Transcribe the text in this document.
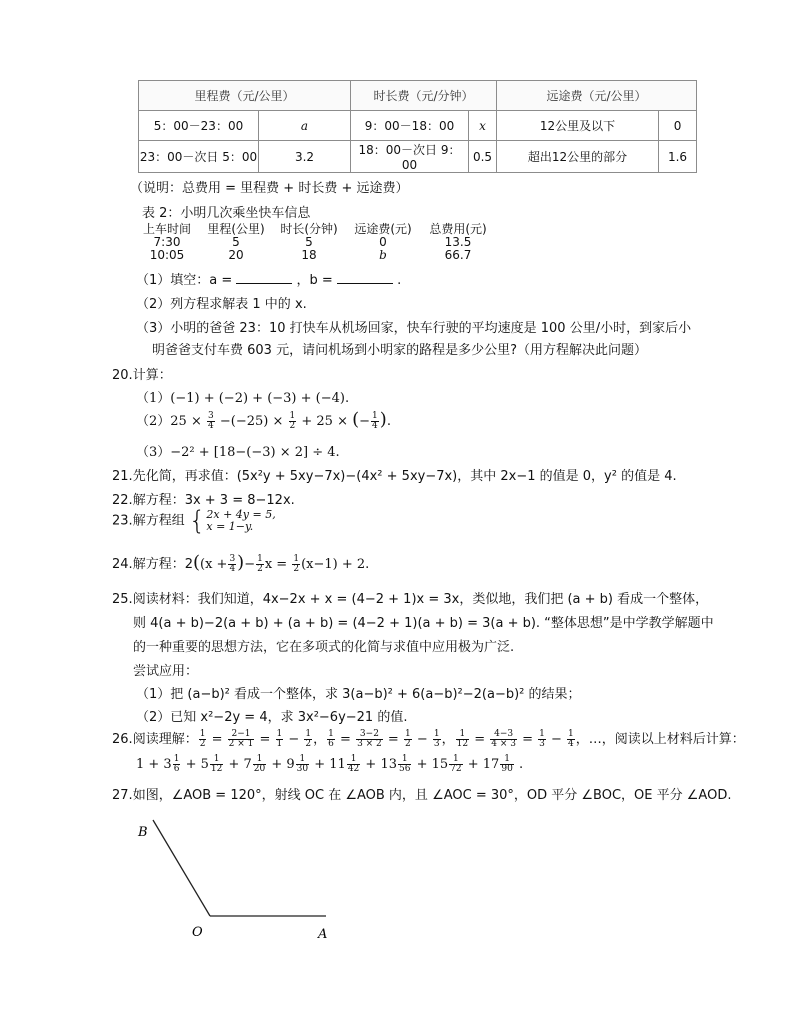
里程费（元/公里）		时长费（元/分钟）		远途费（元/公里）	
5：00－23：00	a	9：00－18：00	x	12公里及以下	0
23：00－次日 5：00	3.2	18：00－次日 9：00	0.5	超出12公里的部分	1.6
（说明：总费用 = 里程费 + 时长费 + 远途费）
表 2：小明几次乘坐快车信息
上车时间	里程(公里)	时长(分钟)	远途费(元)	总费用(元)
7:30	5	5	0	13.5
10:05	20	18	b	66.7
（1）填空：a =	，b =	.
（2）列方程求解表 1 中的 x.
（3）小明的爸爸 23：10 打快车从机场回家，快车行驶的平均速度是 100 公里/小时，到家后小
明爸爸支付车费 603 元，请问机场到小明家的路程是多少公里?（用方程解决此问题）
20.计算：
（1）(−1) + (−2) + (−3) + (−4).
$(2)25 \times \frac{3}{4} -(-25) \times \frac{1}{2} + 25$ × (− $\frac{1}{4}$ ).
（3）−2² + [18−(−3) × 2] ÷ 4.
21.先化简，再求值：(5x²y + 5xy−7x)−(4x² + 5xy−7x)，其中 2x−1 的值是 0，y² 的值是 4.
22.解方程：3x + 3 = 8−12x.
23.解方程组 { 2x + 4y = 5,
x = 1−y.
24.解方程：$2((x + \frac{3}{4}$ )− $\frac{1}{2}$ $x = \frac{1}{2} (x-1) + 2$.
25.阅读材料：我们知道，4x−2x + x = (4−2 + 1)x = 3x，类似地，我们把 (a + b) 看成一个整体，
则 4(a + b)−2(a + b) + (a + b) = (4−2 + 1)(a + b) = 3(a + b). “整体思想”是中学教学解题中
的一种重要的思想方法，它在多项式的化简与求值中应用极为广泛.
尝试应用：
（1）把 (a−b)² 看成一个整体，求 3(a−b)² + 6(a−b)²−2(a−b)² 的结果；
（2）已知 x²−2y = 4，求 3x²−6y−21 的值.
26.阅读理解： $\frac{1}{2} = \frac{2-1}{2 \times 1} = \frac{1}{1} - \frac{1}{2}$ ， $\frac{1}{6} = \frac{3-2}{3 \times 2} = \frac{1}{2} - \frac{1}{3}$ ， $\frac{1}{12} = \frac{4-3}{4 \times 3} = \frac{1}{3} - \frac{1}{4}$ ，…，阅读以上材料后计算：
$1 + 3 \frac{1}{6} + 5 \frac{1}{12} + 7 \frac{1}{20} + 9 \frac{1}{30} + 11 \frac{1}{42} + 13 \frac{1}{56} + 15 \frac{1}{72} + 17 \frac{1}{90}$ .
27.如图，∠AOB = 120°，射线 OC 在 ∠AOB 内，且 ∠AOC = 30°，OD 平分 ∠BOC，OE 平分 ∠AOD.
B
O	A
